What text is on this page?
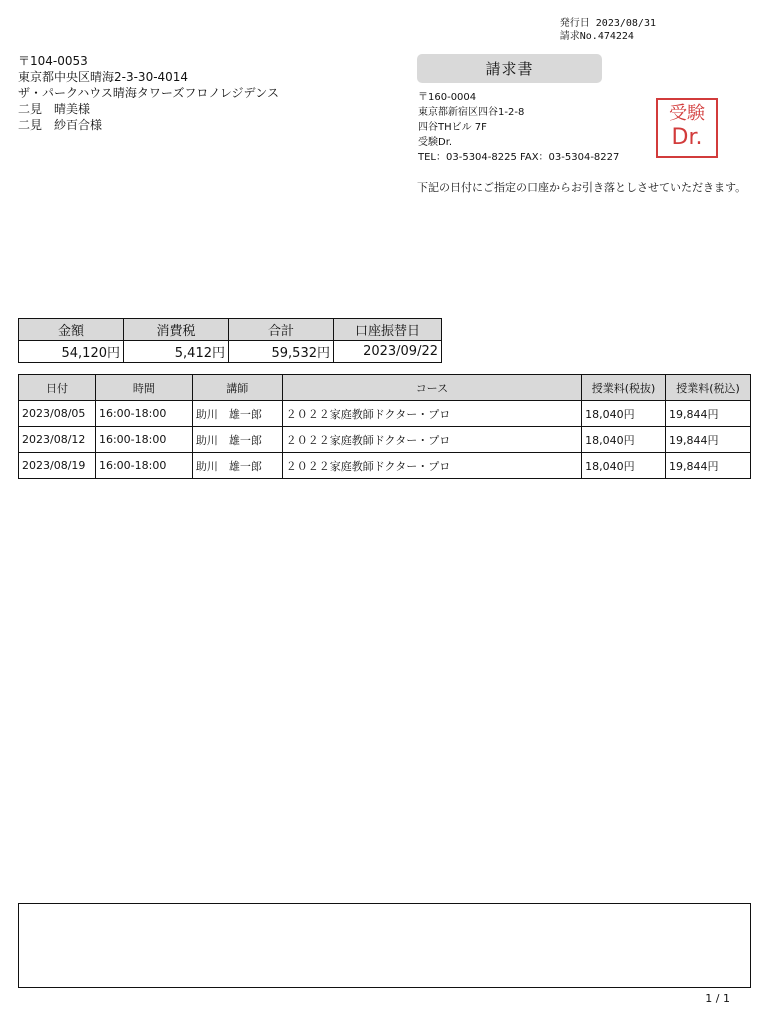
発行日 2023/08/31
請求No.474224
〒104-0053
東京都中央区晴海2-3-30-4014
ザ・パークハウス晴海タワーズフロノレジデンス
二見　晴美様
二見　紗百合様
請求書
〒160-0004
東京都新宿区四谷1-2-8
四谷THビル 7F
受験Dr.
TEL：03-5304-8225 FAX：03-5304-8227
受験
Dr.
下記の日付にご指定の口座からお引き落としさせていただきます。
金額	消費税	合計	口座振替日
54,120円	5,412円	59,532円	2023/09/22
日付	時間	講師	コース	授業料(税抜)	授業料(税込)
2023/08/05	16:00-18:00	助川　雄一郎	２０２２家庭教師ドクター・プロ	18,040円	19,844円
2023/08/12	16:00-18:00	助川　雄一郎	２０２２家庭教師ドクター・プロ	18,040円	19,844円
2023/08/19	16:00-18:00	助川　雄一郎	２０２２家庭教師ドクター・プロ	18,040円	19,844円
1 / 1
